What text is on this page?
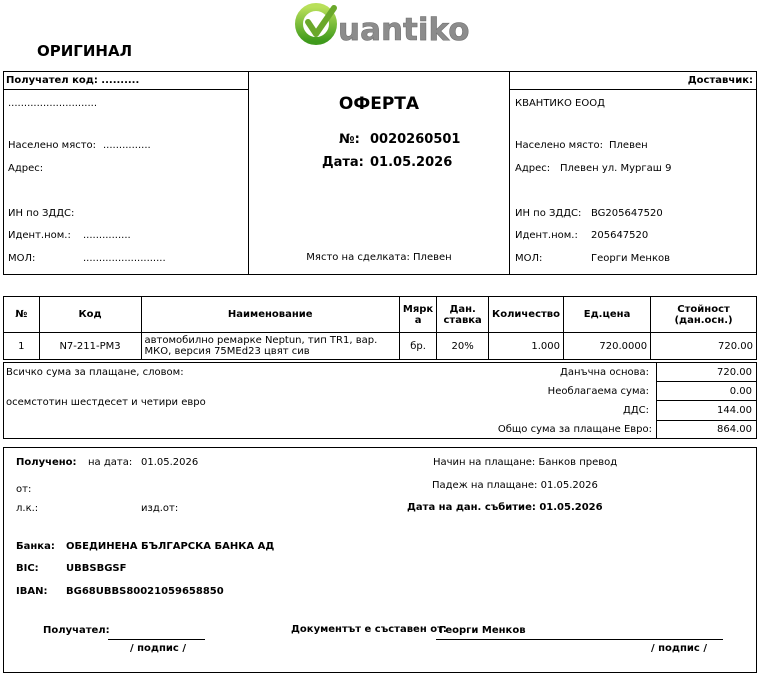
uantiko
ОРИГИНАЛ
Получател код: ..........
............................
Населено място: ...............
Адрес:
ИН по ЗДДС:
Идент.ном.: ...............
МОЛ:	..........................
ОФЕРТА
№: 0020260501
Дата: 01.05.2026
Място на сделката: Плевен
Доставчик:
КВАНТИКО ЕООД
Населено място: Плевен
Адрес: Плевен ул. Мургаш 9
ИН по ЗДДС: BG205647520
Идент.ном.: 205647520
МОЛ:	Георги Менков
№	Код	Наименование	Мярк а	Дан. ставка	Количество	Ед.цена	Стойност (дан.осн.)
1	N7-211-PM3	автомобилно ремарке Neptun, тип TR1, вар. МКО, версия 75MEd23 цвят сив	бр.	20%	1.000	720.0000	720.00
Всичко сума за плащане, словом:
осемстотин шестдесет и четири евро
Данъчна основа:	720.00
Необлагаема сума:	0.00
ДДС:	144.00
Общо сума за плащане Евро:	864.00
Получено: на дата: 01.05.2026
от:
л.к.:	изд.от:
Начин на плащане: Банков превод
Падеж на плащане: 01.05.2026
Дата на дан. събитие: 01.05.2026
Банка: ОБЕДИНЕНА БЪЛГАРСКА БАНКА АД
BIC:	UBBSBGSF
IBAN: BG68UBBS80021059658850
Получател:
/ подпис /
Документът е съставен от:
Георги Менков
/ подпис /
